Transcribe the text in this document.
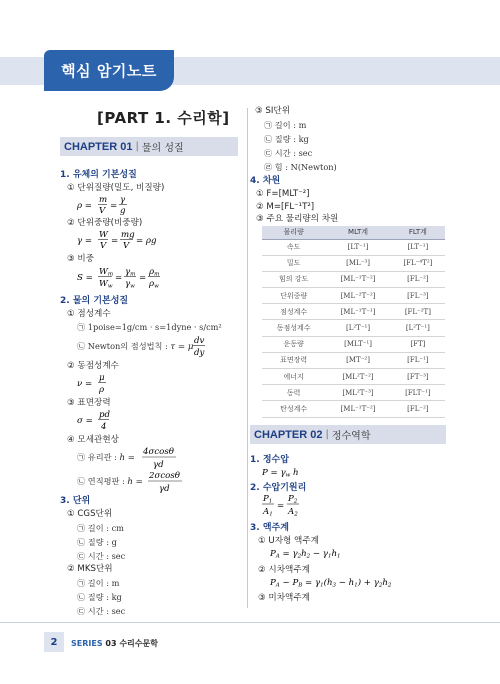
핵심 암기노트
[PART 1. 수리학]
CHAPTER 01 | 물의 성질
1. 유체의 기본성질
① 단위질량(밀도, 비질량)
ρ =
m
V =
γ
g
② 단위중량(비중량)
γ =
W
V =
mg
V = ρg
③ 비중
S =
Wm
Ww
=
γm
γw
=
ρm
ρw
2. 물의 기본성질
① 점성계수
㉠ 1poise=1g/cm · s=1dyne · s/cm²
㉡ Newton의 점성법칙 : τ = μ
dv
dy
② 동점성계수
ν =
μ
ρ
③ 표면장력
σ =
pd
4
④ 모세관현상
㉠ 유리관 : h =
4σcosθ
γd
㉡ 연직평판 : h =
2σcosθ
γd
3. 단위
① CGS단위
㉠ 길이 : cm
㉡ 질량 : g
㉢ 시간 : sec
② MKS단위
㉠ 길이 : m
㉡ 질량 : kg
㉢ 시간 : sec
③ SI단위
㉠ 길이 : m
㉡ 질량 : kg
㉢ 시간 : sec
㉣ 힘 : N(Newton)
4. 차원
① F=[MLT⁻²]
② M=[FL⁻¹T²]
③ 주요 물리량의 차원
물리량	MLT계	FLT계
속도	[LT⁻¹]	[LT⁻¹]
밀도	[ML⁻³]	[FL⁻⁴T²]
힘의 강도	[ML⁻¹T⁻²]	[FL⁻²]
단위중량	[ML⁻²T⁻²]	[FL⁻³]
점성계수	[ML⁻¹T⁻¹]	[FL⁻²T]
동점성계수	[L²T⁻¹]	[L²T⁻¹]
운동량	[MLT⁻¹]	[FT]
표면장력	[MT⁻²]	[FL⁻¹]
에너지	[ML²T⁻²]	[FT⁻³]
동력	[ML²T⁻³]	[FLT⁻¹]
탄성계수	[ML⁻¹T⁻²]	[FL⁻²]
CHAPTER 02 | 정수역학
1. 정수압
P = γw h
2. 수압기원리
P1
A1
=
P2
A2
3. 액주계
① U자형 액주계
PA = γ2h2 − γ1h1
② 시차액주계
PA − PB = γ1(h3 − h1) + γ2h2
③ 미차액주계
2	SERIES 03 수리수문학
